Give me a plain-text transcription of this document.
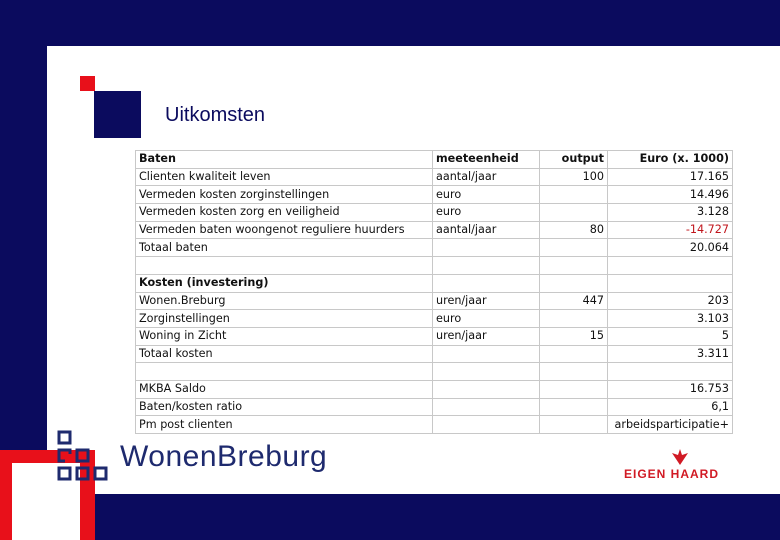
Uitkomsten
Baten	meeteenheid	output	Euro (x. 1000)
Clienten kwaliteit leven	aantal/jaar	100	17.165
Vermeden kosten zorginstellingen	euro		14.496
Vermeden kosten zorg en veiligheid	euro		3.128
Vermeden baten woongenot reguliere huurders	aantal/jaar	80	-14.727
Totaal baten			20.064

Kosten (investering)			
Wonen.Breburg	uren/jaar	447	203
Zorginstellingen	euro		3.103
Woning in Zicht	uren/jaar	15	5
Totaal kosten			3.311

MKBA Saldo			16.753
Baten/kosten ratio			6,1
Pm post clienten			arbeidsparticipatie+
WonenBreburg
EIGEN HAARD
